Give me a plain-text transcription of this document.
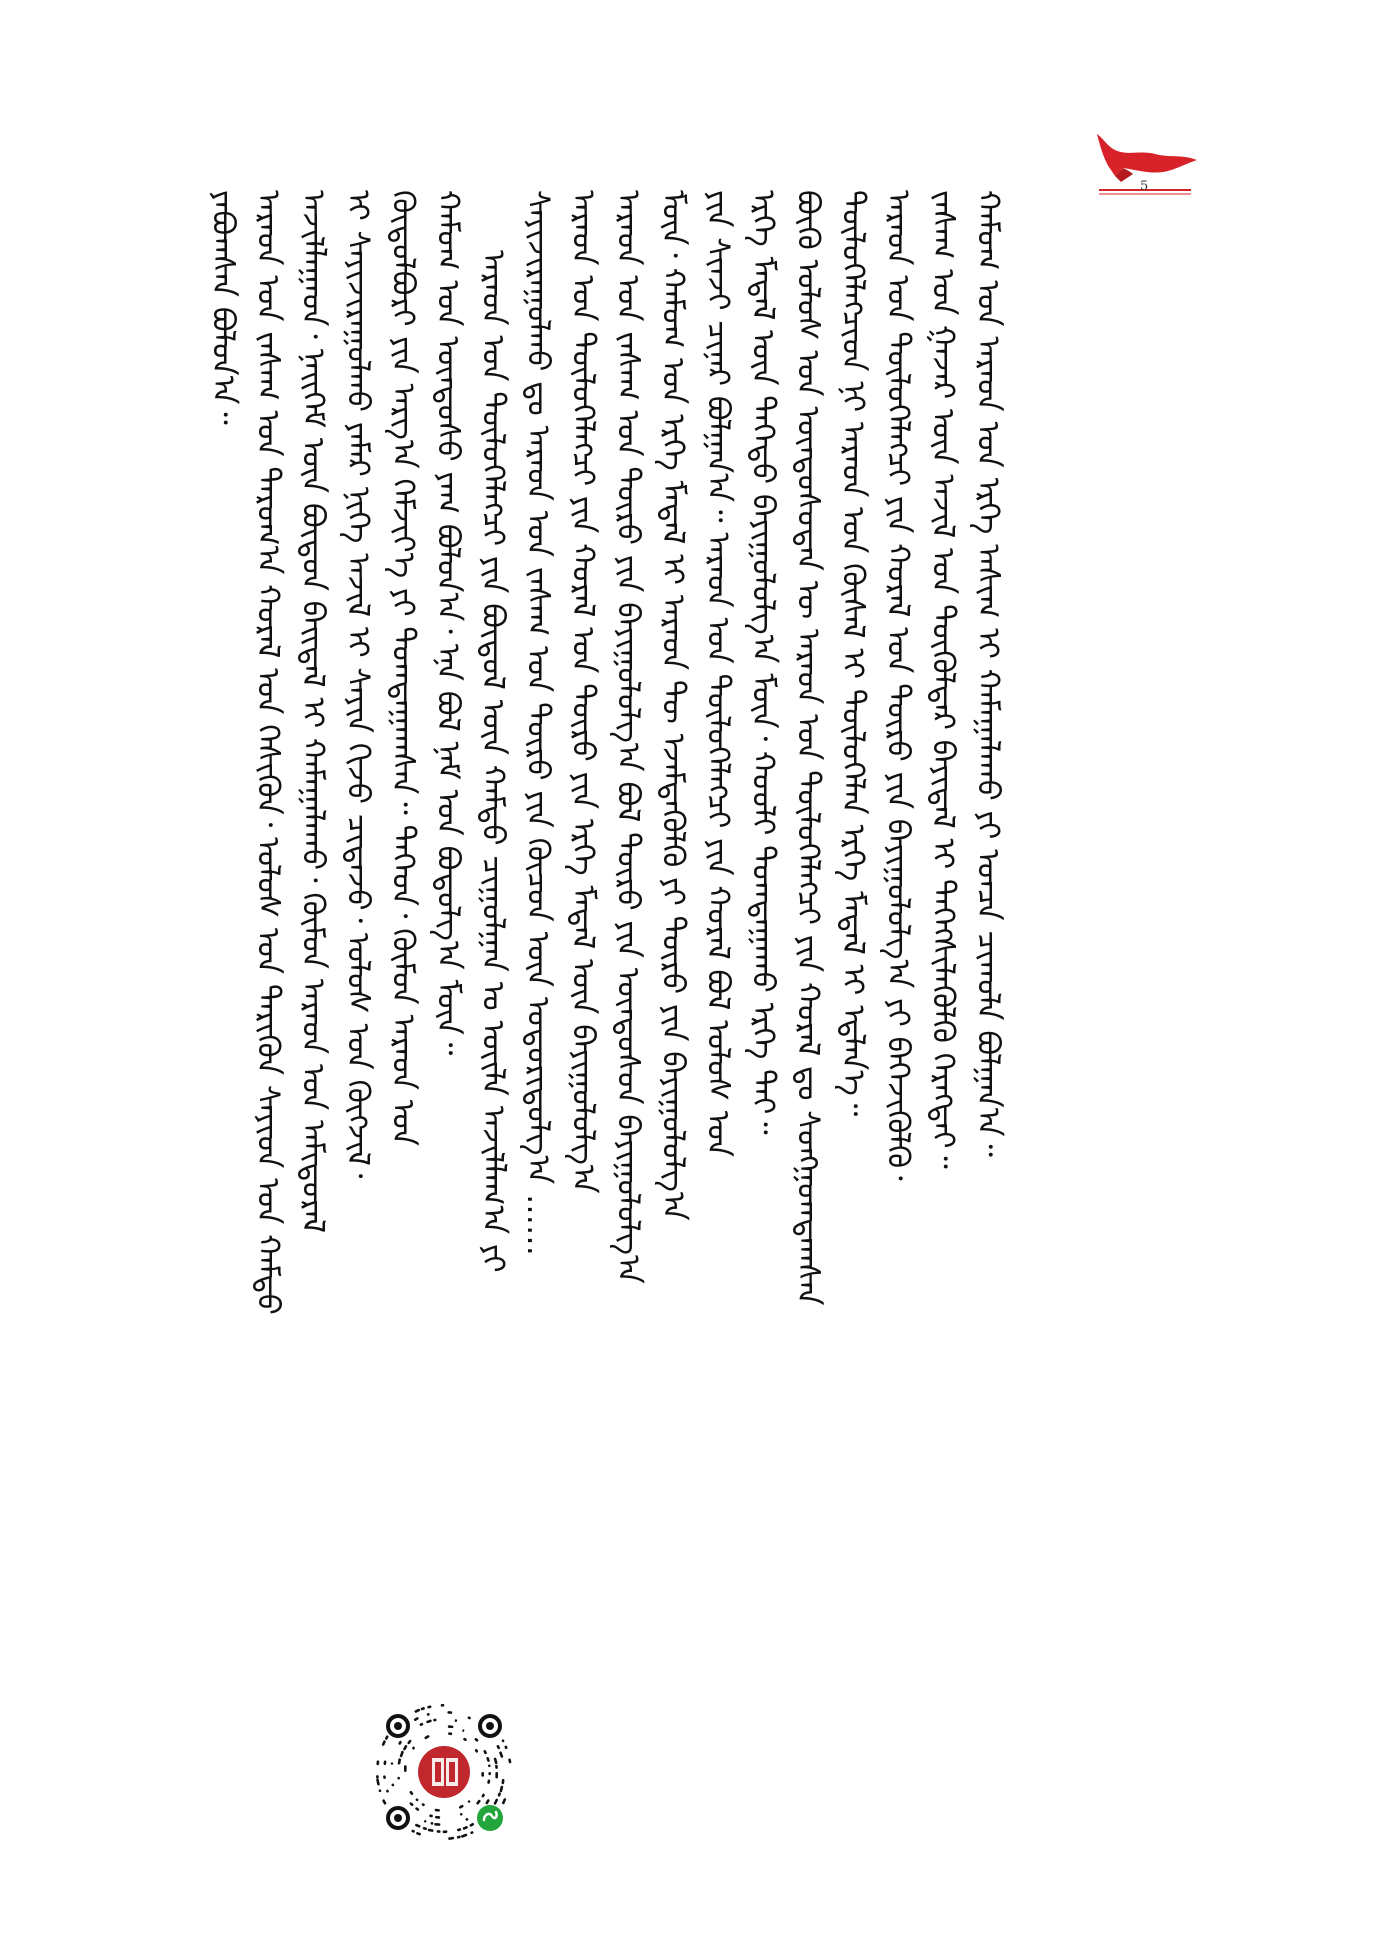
5
ᠶᠠᠪᠤᠭᠰᠠᠨ ᠪᠣᠯᠤᠨ᠎ᠠ᠃ ᠠᠷᠠᠳ ᠤᠨ ᠵᠠᠰᠠᠭ ᠤᠨ ᠳᠠᠷᠤᠭ᠎ᠠ ᠬᠤᠷᠠᠯ ᠤᠨ ᠭᠡᠰᠢᠭᠦᠨ᠂ ᠤᠯᠤᠰ ᠤᠨ ᠲᠡᠷᠢᠭᠦᠨ ᠰᠠᠶᠢᠳ ᠤᠨ ᠬᠠᠮᠲᠤ ᠠᠵᠢᠯᠯᠠᠭᠠᠳ᠂ ᠨᠡᠢᠭᠡᠮ ᠦᠨ ᠪᠦᠲᠦᠨ ᠪᠠᠢᠳᠠᠯ ᠢ ᠬᠠᠮᠠᠭᠠᠯᠠᠬᠤ᠂ ᠬᠦᠮᠦᠨ ᠠᠷᠠᠳ ᠤᠨ ᠠᠮᠢᠳᠤᠷᠠᠯ ᠢ ᠰᠠᠶᠢᠵᠢᠷᠠᠭᠤᠯᠬᠤ ᠶᠠᠮᠠᠷ ᠨᠢᠭᠡ ᠠᠵᠢᠯ ᠢ ᠰᠠᠶᠢᠨ ᠬᠢᠵᠦ ᠴᠢᠳᠠᠵᠤ᠂ ᠤᠯᠤᠰ ᠤᠨ ᠬᠥᠭᠵᠢᠯ᠂ ᠬᠥᠲᠥᠯᠪᠦᠷᠢ ᠶᠢᠨ ᠠᠷᠭ᠎ᠠ ᠬᠡᠮᠵᠢᠶ᠎ᠡ ᠶᠢ ᠲᠣᠭᠲᠠᠭᠠᠭᠰᠠᠨ᠃ ᠲᠡᠭᠡᠳ᠂ ᠬᠦᠮᠦᠨ ᠠᠷᠠᠳ ᠤᠨ ᠬᠠᠮᠤᠭ ᠤᠨ ᠦᠨᠳᠦᠰᠦ ᠶᠠᠭ ᠪᠤᠯᠤᠨ᠎ᠠ᠂ ᠡᠨᠡ ᠪᠣᠯ ᠨᠠᠮ ᠤᠨ ᠪᠣᠳᠣᠯᠭ᠎ᠠ ᠮᠥᠨ᠃ ᠠᠷᠠᠳ ᠤᠨ ᠲᠥᠯᠦᠭᠡᠯᠡᠭᠴᠢ ᠶᠢᠨ ᠪᠦᠲᠦᠯ ᠦᠨ ᠬᠠᠮᠲᠤ ᠴᠢᠭᠤᠯᠭᠠᠨ ᠤ ᠦᠢᠯᠡ ᠠᠵᠢᠯᠯᠠᠭ᠎ᠠ ᠶᠢ ᠰᠠᠶᠢᠵᠢᠷᠠᠭᠤᠯᠬᠤ ᠳᠤ ᠠᠷᠠᠳ ᠤᠨ ᠵᠠᠰᠠᠭ ᠤᠨ ᠲᠦᠷᠦ ᠶᠢᠨ ᠬᠦᠴᠦᠨ ᠦᠨ ᠤᠳᠤᠷᠢᠳᠤᠯᠭ᠎ᠠ …… ᠠᠷᠠᠳ ᠤᠨ ᠲᠥᠯᠦᠭᠡᠯᠡᠭᠴᠢ ᠶᠢᠨ ᠬᠤᠷᠠᠯ ᠤᠨ ᠲᠥᠷᠥ ᠶᠢᠨ ᠡᠷᠬᠡ ᠮᠡᠳᠡᠯ ᠦᠨ ᠪᠠᠶᠢᠭᠤᠯᠤᠯᠭ᠎ᠠ ᠠᠷᠠᠳ ᠤᠨ ᠵᠠᠰᠠᠭ ᠤᠨ ᠲᠥᠷᠥ ᠶᠢᠨ ᠪᠠᠶᠢᠭᠤᠯᠤᠯᠭ᠎ᠠ ᠪᠣᠯ ᠲᠥᠷᠥ ᠶᠢᠨ ᠦᠨᠳᠦᠰᠦᠨ ᠪᠠᠶᠢᠭᠤᠯᠤᠯᠭ᠎ᠠ ᠮᠥᠨ᠂ ᠬᠠᠮᠤᠭ ᠤᠨ ᠡᠷᠬᠡ ᠮᠡᠳᠡᠯ ᠢ ᠠᠷᠠᠳ ᠲᠦ ᠡᠵᠡᠮᠳᠡᠭᠦᠯᠬᠦ ᠶᠢ ᠲᠥᠷᠥ ᠶᠢᠨ ᠪᠠᠶᠢᠭᠤᠯᠤᠯᠭ᠎ᠠ ᠶᠢᠨ ᠰᠢᠨᠵᠢ ᠴᠢᠨᠠᠷ ᠪᠣᠯᠭᠠᠨ᠎ᠠ᠃ ᠠᠷᠠᠳ ᠤᠨ ᠲᠥᠯᠦᠭᠡᠯᠡᠭᠴᠢ ᠶᠢᠨ ᠬᠤᠷᠠᠯ ᠪᠣᠯ ᠤᠯᠤᠰ ᠤᠨ ᠡᠷᠬᠡ ᠮᠡᠳᠡᠯ ᠦᠨ ᠳᠡᠭᠡᠳᠦ ᠪᠠᠶᠢᠭᠤᠯᠤᠯᠭ᠎ᠠ ᠮᠥᠨ᠂ ᠬᠤᠤᠯᠢ ᠲᠣᠭᠲᠠᠭᠠᠬᠤ ᠡᠷᠬᠡ ᠲᠠᠢ᠃ ᠪᠦᠬᠦ ᠤᠯᠤᠰ ᠤᠨ ᠦᠨᠳᠦᠰᠦᠲᠡᠨ ᠦ ᠠᠷᠠᠳ ᠤᠨ ᠲᠥᠯᠦᠭᠡᠯᠡᠭᠴᠢ ᠶᠢᠨ ᠬᠤᠷᠠᠯ ᠳᠤ ᠰᠤᠩᠭᠤᠭᠳᠠᠭᠰᠠᠨ ᠲᠥᠯᠦᠭᠡᠯᠡᠭᠴᠢᠳ ᠨᠢ ᠠᠷᠠᠳ ᠤᠨ ᠬᠦᠰᠡᠯ ᠢ ᠲᠥᠯᠦᠭᠡᠯᠡᠨ ᠡᠷᠬᠡ ᠮᠡᠳᠡᠯ ᠢ ᠡᠳ᠋ᠯᠡᠨ᠎ᠡ᠃ ᠠᠷᠠᠳ ᠤᠨ ᠲᠥᠯᠦᠭᠡᠯᠡᠭᠴᠢ ᠶᠢᠨ ᠬᠤᠷᠠᠯ ᠤᠨ ᠲᠥᠷᠥ ᠶᠢᠨ ᠪᠠᠶᠢᠭᠤᠯᠤᠯᠭ᠎ᠠ ᠶᠢ ᠪᠡᠬᠡᠵᠢᠭᠦᠯᠬᠦ᠂ ᠵᠠᠰᠠᠭ ᠤᠨ ᠭᠠᠵᠠᠷ ᠦᠨ ᠠᠵᠢᠯ ᠤᠨ ᠲᠥᠭᠥᠯᠳᠡᠷ ᠪᠠᠶᠢᠳᠠᠯ ᠢ ᠳᠡᠭᠡᠭᠰᠢᠯᠡᠭᠦᠯᠬᠦ ᠬᠡᠷᠡᠭᠲᠡᠢ᠃ ᠬᠠᠮᠤᠭ ᠤᠨ ᠠᠷᠠᠳ ᠤᠨ ᠡᠷᠬᠡ ᠠᠰᠢᠭ ᠢ ᠬᠠᠮᠠᠭᠠᠯᠠᠬᠤ ᠶᠢ ᠣᠨᠴᠠ ᠴᠢᠬᠤᠯᠠ ᠪᠣᠯᠭᠠᠨ᠎ᠠ᠃
